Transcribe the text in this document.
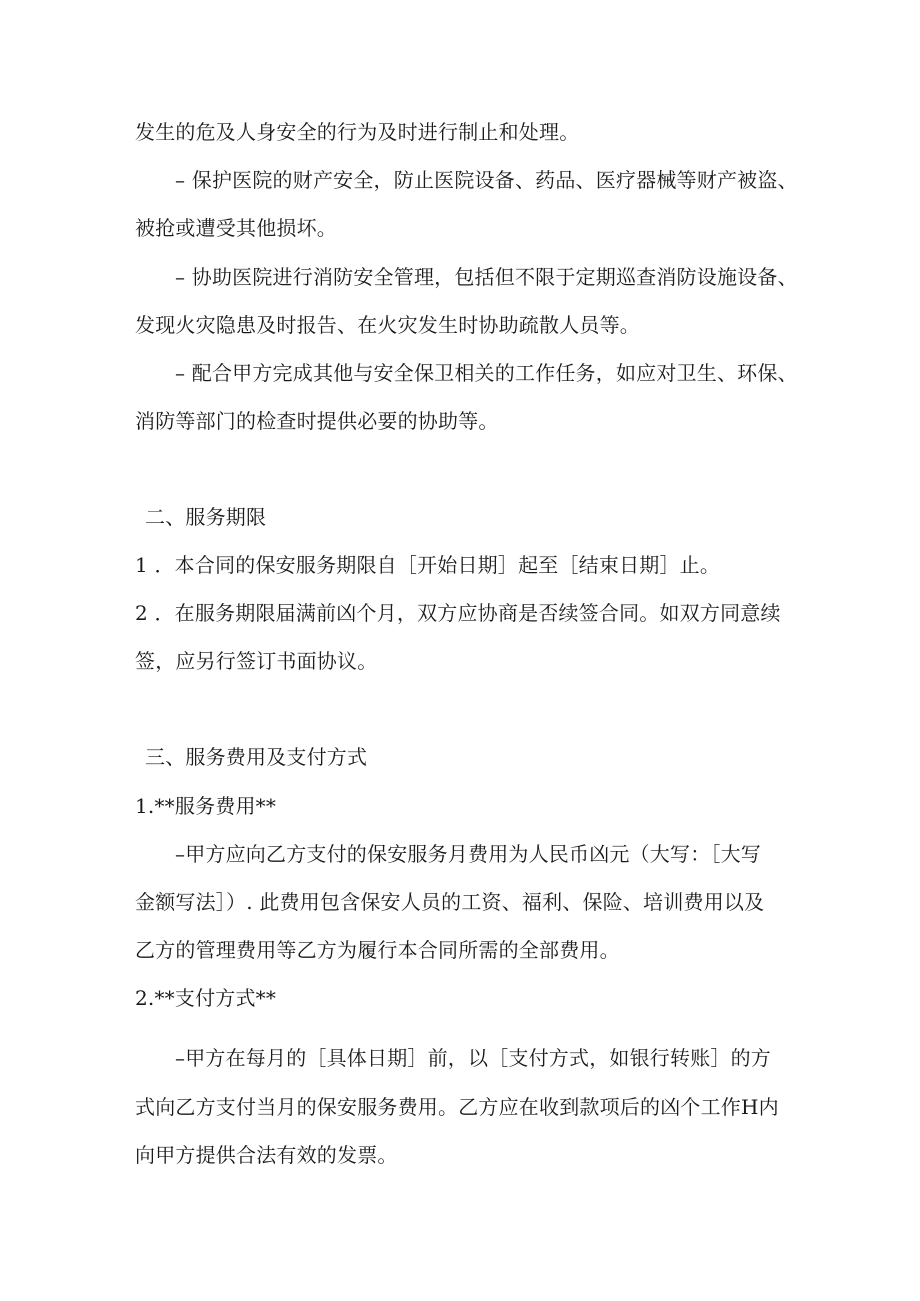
发生的危及人身安全的行为及时进行制止和处理。
– 保护医院的财产安全，防止医院设备、药品、医疗器械等财产被盗、
被抢或遭受其他损坏。
– 协助医院进行消防安全管理，包括但不限于定期巡查消防设施设备、
发现火灾隐患及时报告、在火灾发生时协助疏散人员等。
– 配合甲方完成其他与安全保卫相关的工作任务，如应对卫生、环保、
消防等部门的检查时提供必要的协助等。
二、服务期限
1 ．本合同的保安服务期限自［开始日期］起至［结束日期］止。
2 ．在服务期限届满前凶个月，双方应协商是否续签合同。如双方同意续
签，应另行签订书面协议。
三、服务费用及支付方式
1.**服务费用**
–甲方应向乙方支付的保安服务月费用为人民币凶元（大写：［大写
金额写法］）. 此费用包含保安人员的工资、福利、保险、培训费用以及
乙方的管理费用等乙方为履行本合同所需的全部费用。
2.**支付方式**
–甲方在每月的［具体日期］前，以［支付方式，如银行转账］的方
式向乙方支付当月的保安服务费用。乙方应在收到款项后的凶个工作H内
向甲方提供合法有效的发票。
